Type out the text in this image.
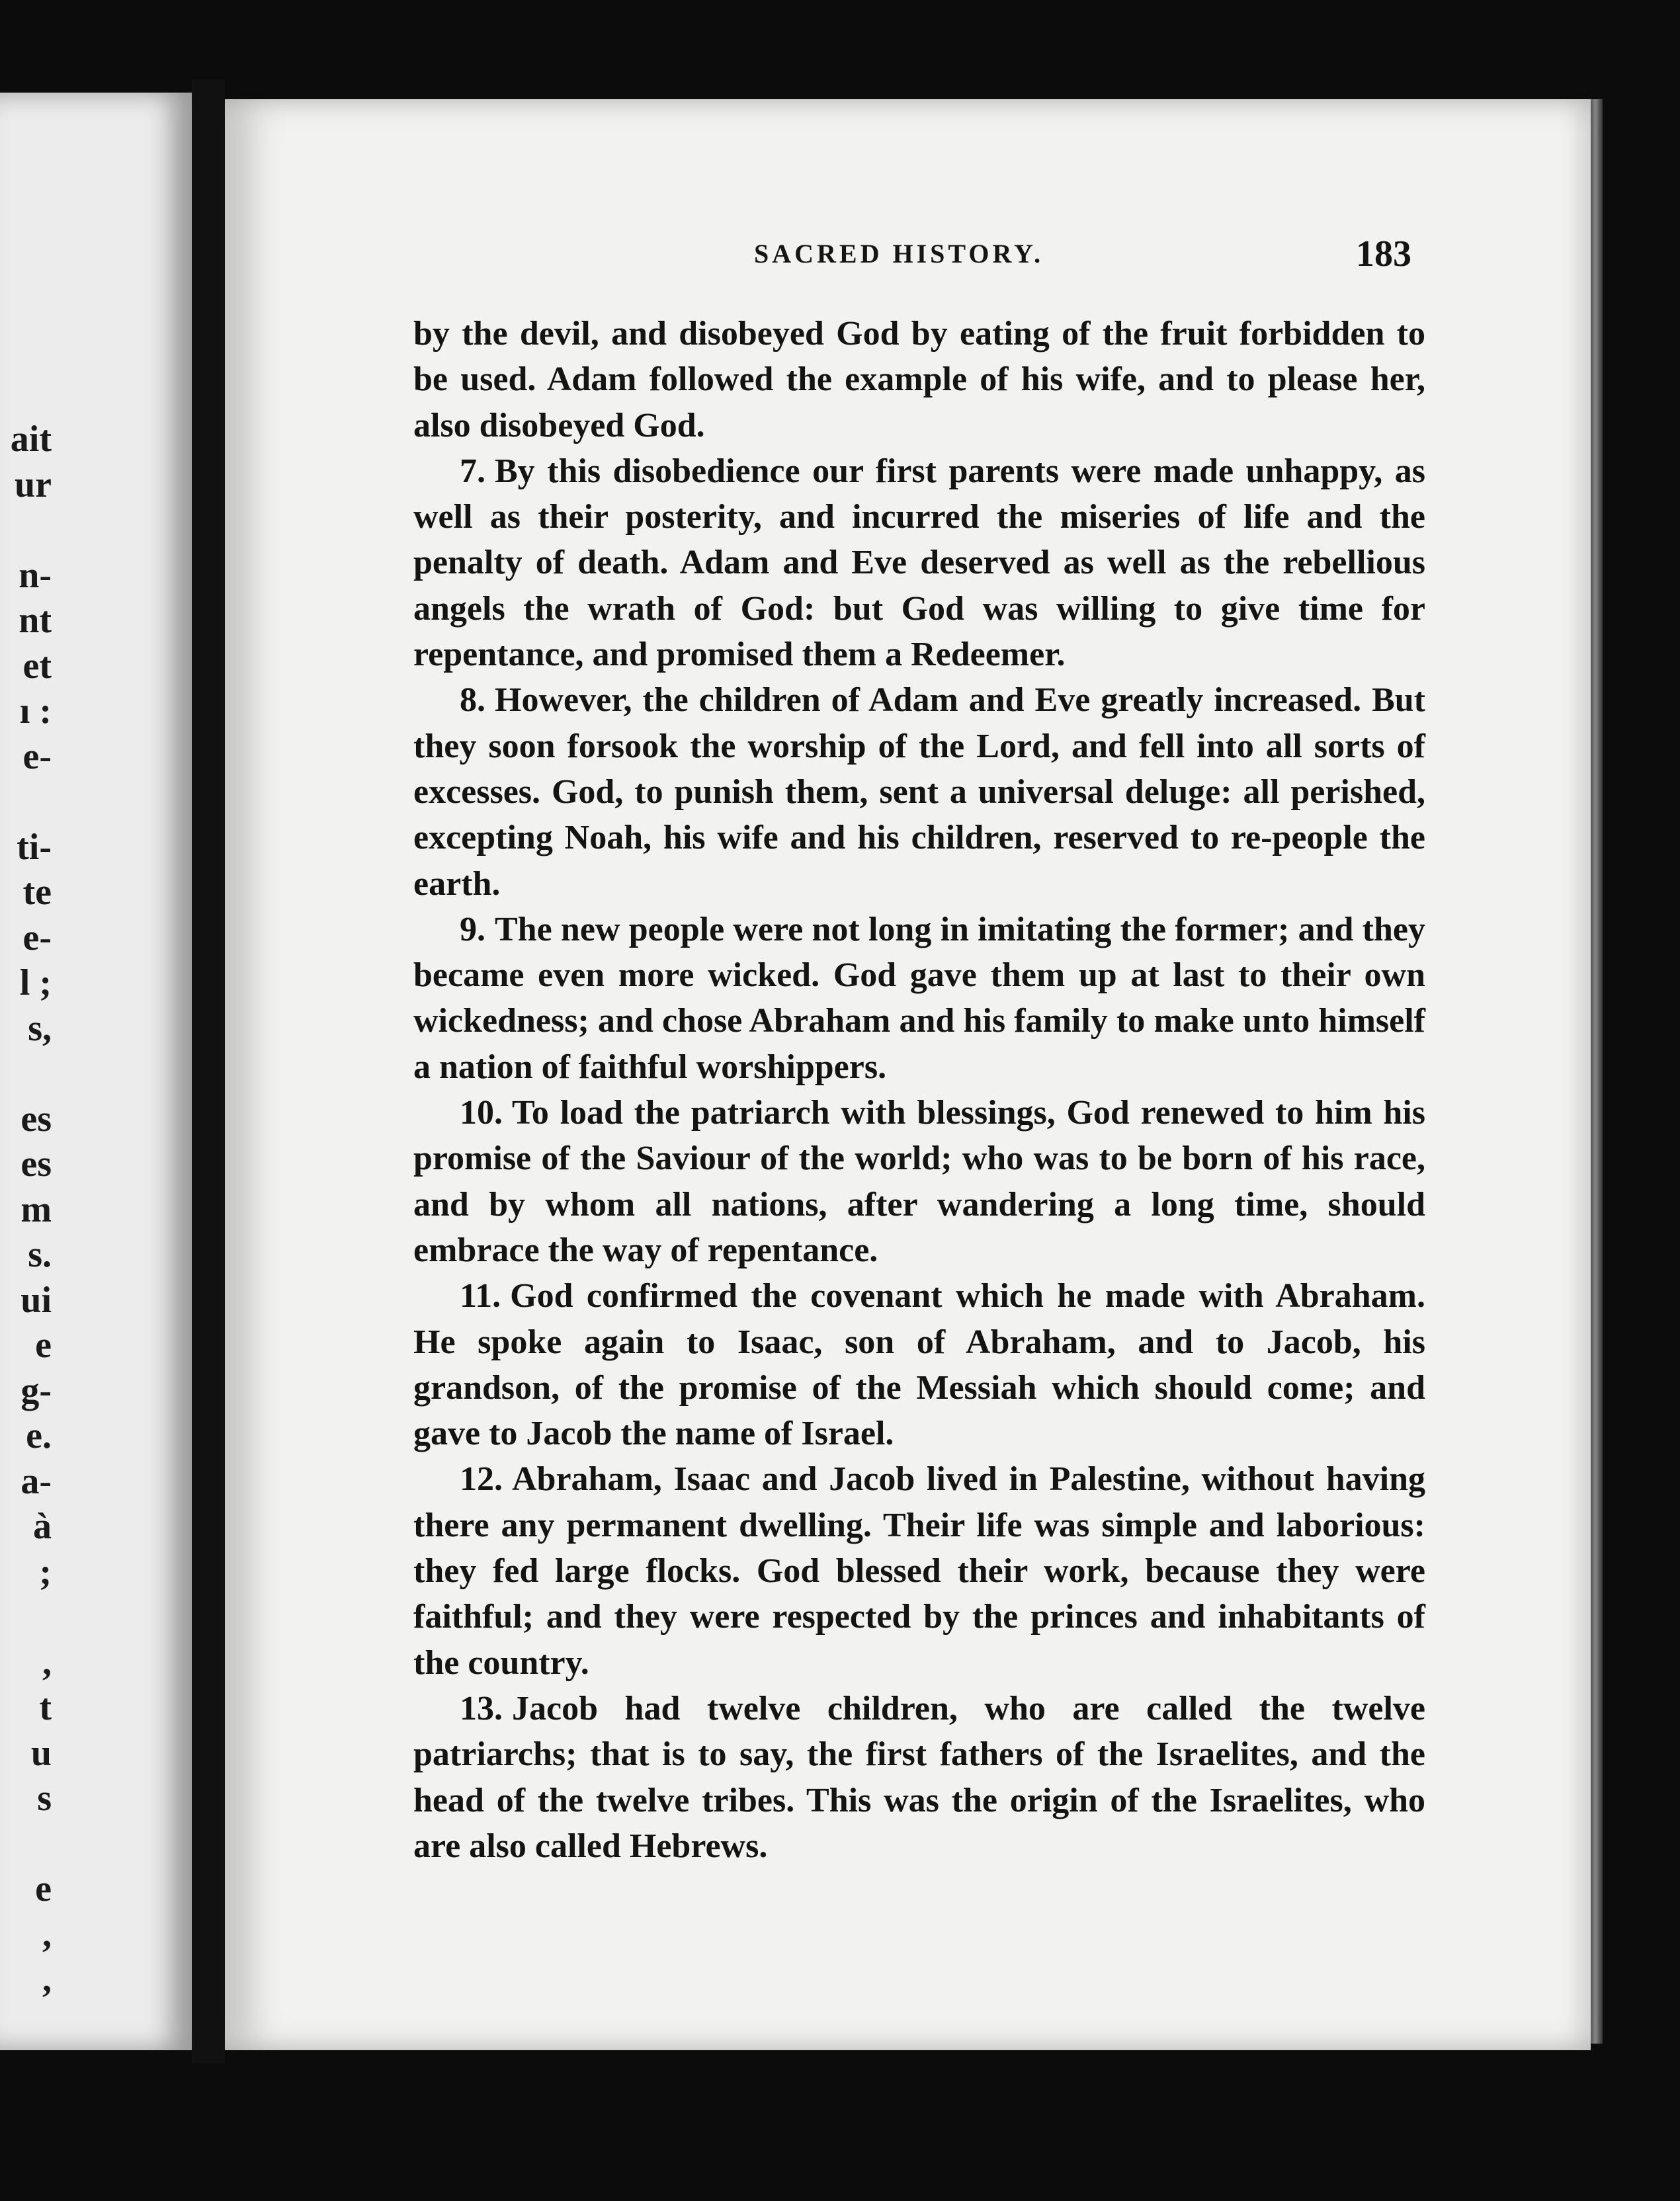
ait
ur

n-
nt
et
ı :
e-

ti-
te
e-
l ;
s,

es
es
m
s.
ui
e
g-
e.
a-
à
;

,
t
u
s

e
,
,
SACRED HISTORY.	183

by the devil, and disobeyed God by eating of the fruit forbidden to be used. Adam followed the example of his wife, and to please her, also disobeyed God.

7. By this disobedience our first parents were made unhappy, as well as their posterity, and incurred the miseries of life and the penalty of death. Adam and Eve deserved as well as the rebellious angels the wrath of God: but God was willing to give time for repentance, and promised them a Redeemer.

8. However, the children of Adam and Eve greatly increased. But they soon forsook the worship of the Lord, and fell into all sorts of excesses. God, to punish them, sent a universal deluge: all perished, excepting Noah, his wife and his children, reserved to re-people the earth.

9. The new people were not long in imitating the former; and they became even more wicked. God gave them up at last to their own wickedness; and chose Abraham and his family to make unto himself a nation of faithful worshippers.

10. To load the patriarch with blessings, God renewed to him his promise of the Saviour of the world; who was to be born of his race, and by whom all nations, after wandering a long time, should embrace the way of repentance.

11. God confirmed the covenant which he made with Abraham. He spoke again to Isaac, son of Abraham, and to Jacob, his grandson, of the promise of the Messiah which should come; and gave to Jacob the name of Israel.

12. Abraham, Isaac and Jacob lived in Palestine, without having there any permanent dwelling. Their life was simple and laborious: they fed large flocks. God blessed their work, because they were faithful; and they were respected by the princes and inhabitants of the country.

13. Jacob had twelve children, who are called the twelve patriarchs; that is to say, the first fathers of the Israelites, and the head of the twelve tribes. This was the origin of the Israelites, who are also called Hebrews.
